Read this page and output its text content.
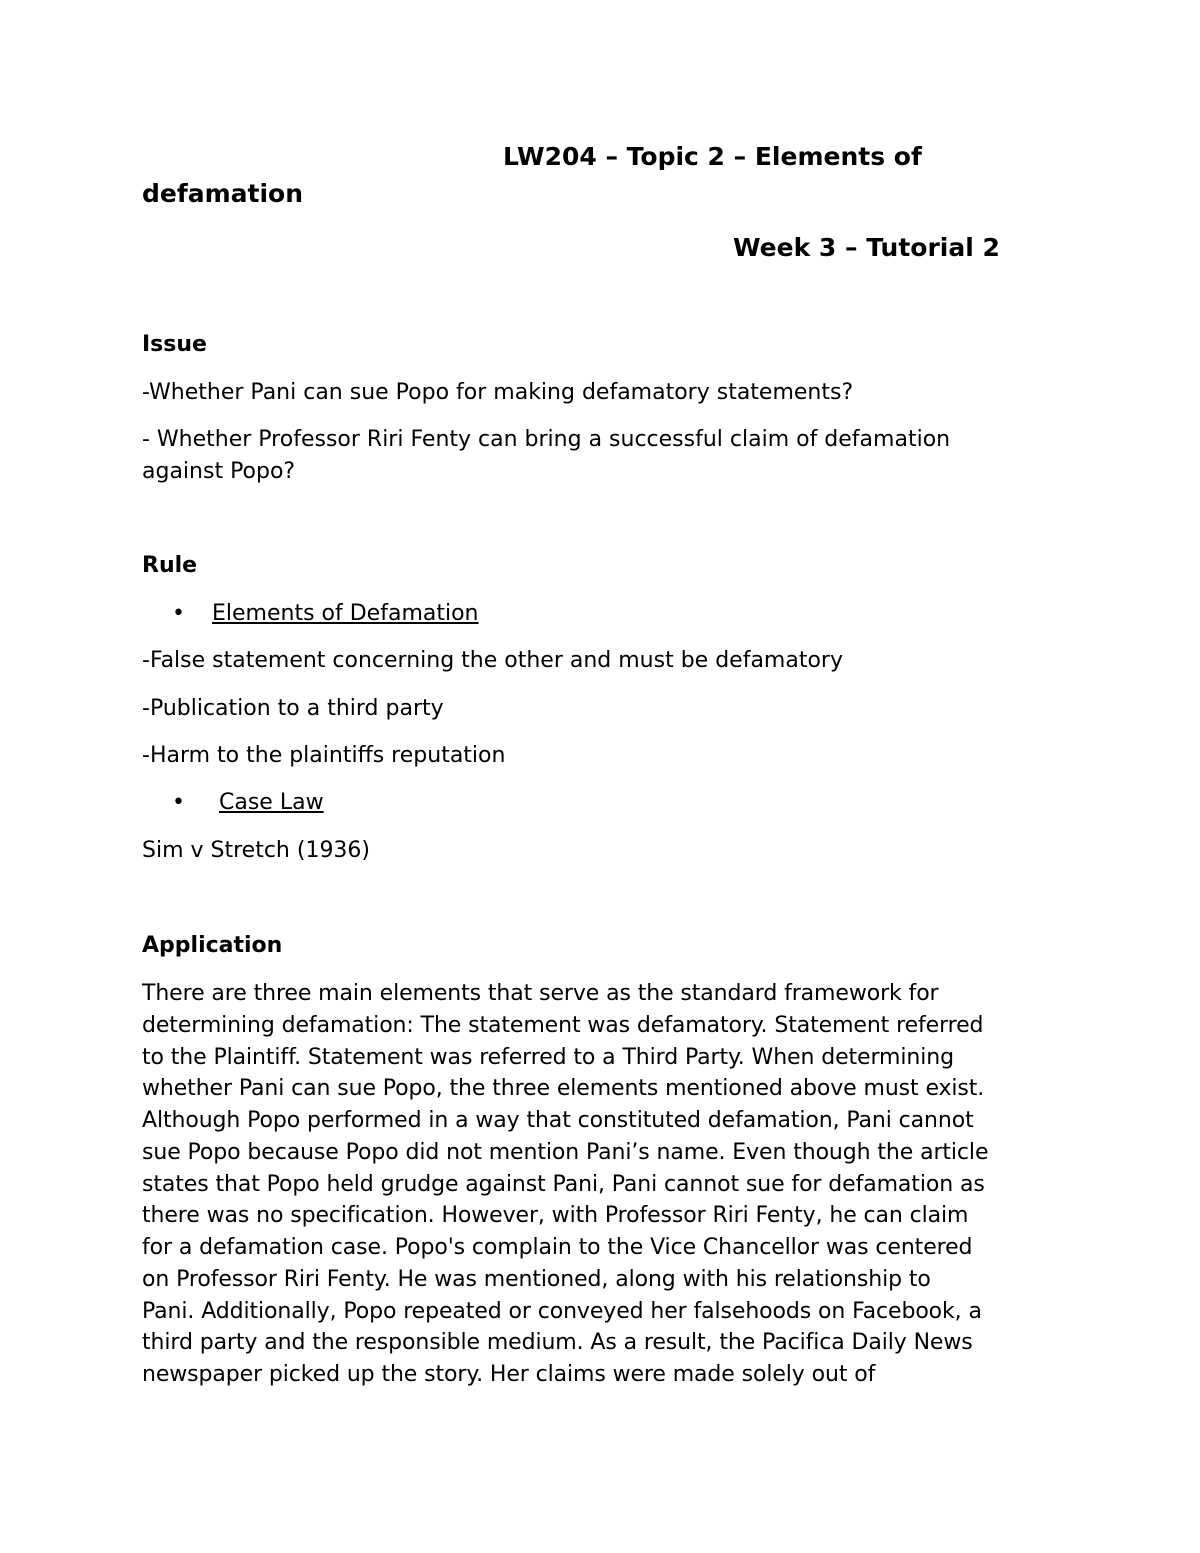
LW204 – Topic 2 – Elements of
defamation
Week 3 – Tutorial 2
Issue
-Whether Pani can sue Popo for making defamatory statements?
- Whether Professor Riri Fenty can bring a successful claim of defamation
against Popo?
Rule
• Elements of Defamation
-False statement concerning the other and must be defamatory
-Publication to a third party
-Harm to the plaintiffs reputation
• Case Law
Sim v Stretch (1936)
Application
There are three main elements that serve as the standard framework for
determining defamation: The statement was defamatory. Statement referred
to the Plaintiff. Statement was referred to a Third Party. When determining
whether Pani can sue Popo, the three elements mentioned above must exist.
Although Popo performed in a way that constituted defamation, Pani cannot
sue Popo because Popo did not mention Pani’s name. Even though the article
states that Popo held grudge against Pani, Pani cannot sue for defamation as
there was no specification. However, with Professor Riri Fenty, he can claim
for a defamation case. Popo's complain to the Vice Chancellor was centered
on Professor Riri Fenty. He was mentioned, along with his relationship to
Pani. Additionally, Popo repeated or conveyed her falsehoods on Facebook, a
third party and the responsible medium. As a result, the Pacifica Daily News
newspaper picked up the story. Her claims were made solely out of
